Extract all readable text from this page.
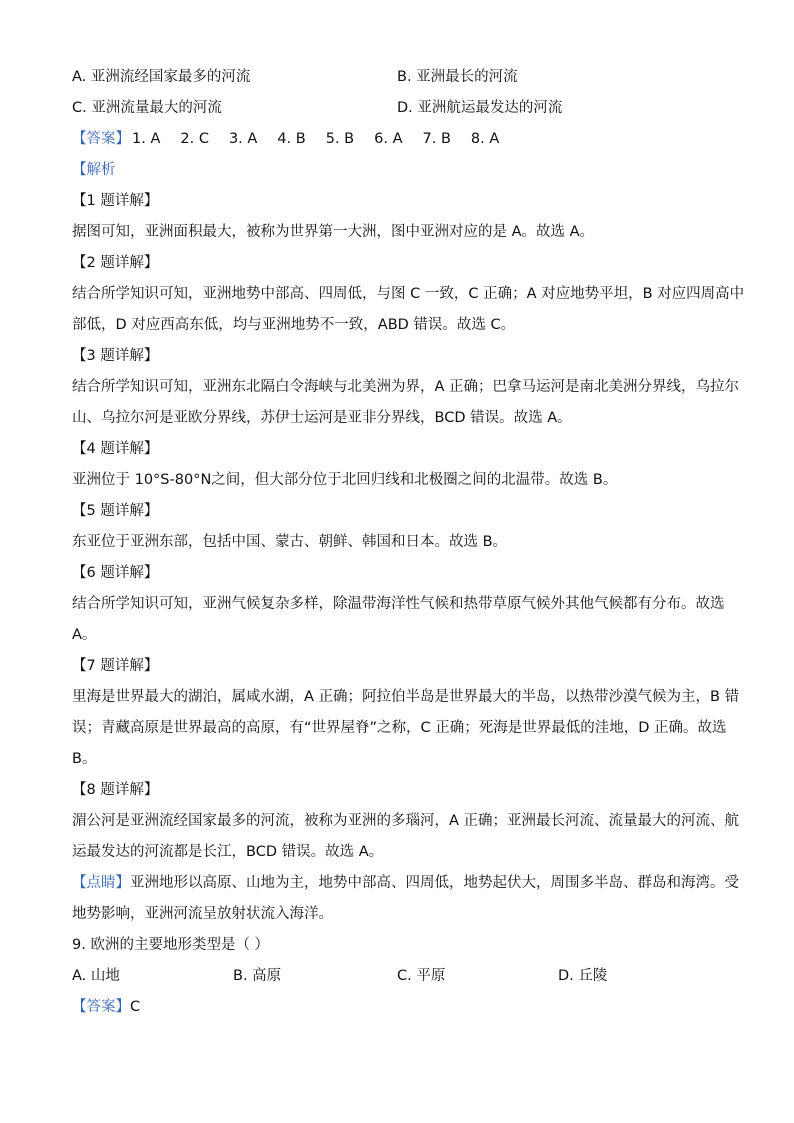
A. 亚洲流经国家最多的河流	B. 亚洲最长的河流
C. 亚洲流量最大的河流	D. 亚洲航运最发达的河流
【答案】 1. A 2. C 3. A 4. B 5. B 6. A 7. B 8. A
【解析
【1 题详解】
据图可知，亚洲面积最大，被称为世界第一大洲，图中亚洲对应的是 A。故选 A。
【2 题详解】
结合所学知识可知，亚洲地势中部高、四周低，与图 C 一致，C 正确；A 对应地势平坦，B 对应四周高中
部低，D 对应西高东低，均与亚洲地势不一致，ABD 错误。故选 C。
【3 题详解】
结合所学知识可知，亚洲东北隔白令海峡与北美洲为界，A 正确；巴拿马运河是南北美洲分界线，乌拉尔
山、乌拉尔河是亚欧分界线，苏伊士运河是亚非分界线，BCD 错误。故选 A。
【4 题详解】
亚洲位于 10°S-80°N之间，但大部分位于北回归线和北极圈之间的北温带。故选 B。
【5 题详解】
东亚位于亚洲东部，包括中国、蒙古、朝鲜、韩国和日本。故选 B。
【6 题详解】
结合所学知识可知，亚洲气候复杂多样，除温带海洋性气候和热带草原气候外其他气候都有分布。故选
A。
【7 题详解】
里海是世界最大的湖泊，属咸水湖，A 正确；阿拉伯半岛是世界最大的半岛，以热带沙漠气候为主，B 错
误；青藏高原是世界最高的高原，有“世界屋脊”之称，C 正确；死海是世界最低的洼地，D 正确。故选
B。
【8 题详解】
湄公河是亚洲流经国家最多的河流，被称为亚洲的多瑙河，A 正确；亚洲最长河流、流量最大的河流、航
运最发达的河流都是长江，BCD 错误。故选 A。
【点睛】亚洲地形以高原、山地为主，地势中部高、四周低，地势起伏大，周围多半岛、群岛和海湾。受
地势影响，亚洲河流呈放射状流入海洋。
9. 欧洲的主要地形类型是（ ）
A. 山地	B. 高原	C. 平原	D. 丘陵
【答案】C
